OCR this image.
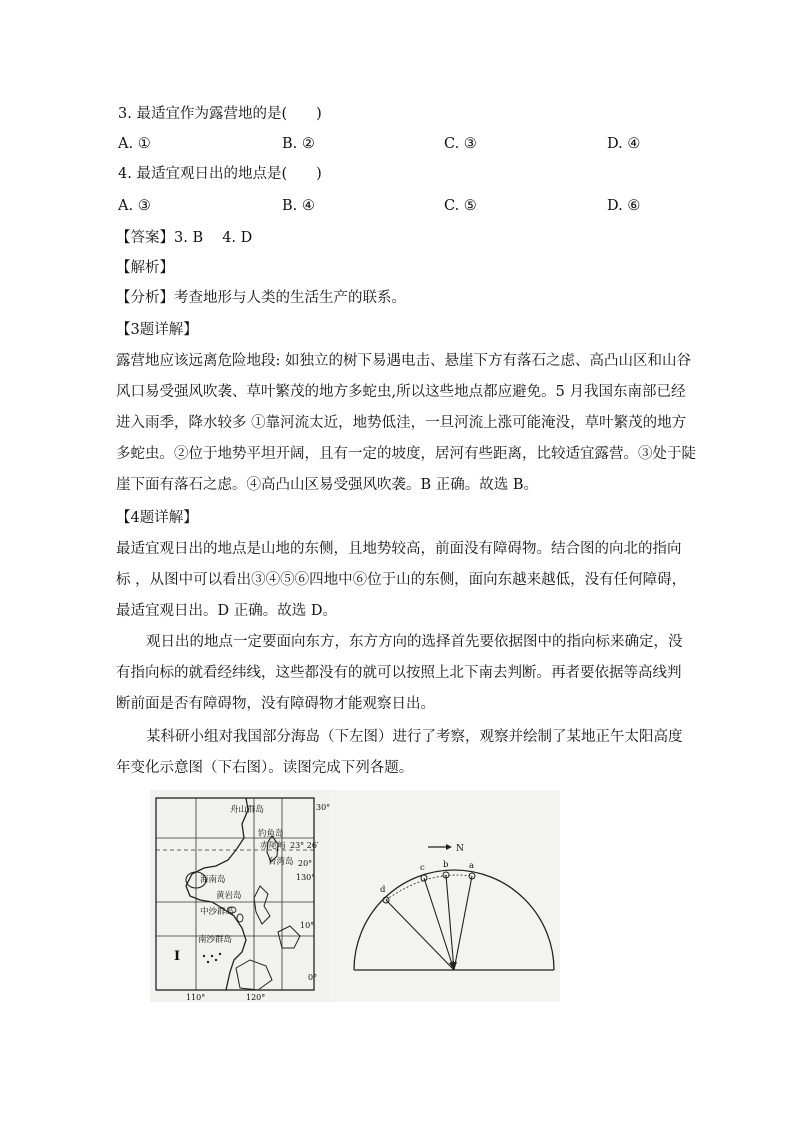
3. 最适宜作为露营地的是(　　)
A. ①	B. ②	C. ③	D. ④
4. 最适宜观日出的地点是(　　)
A. ③	B. ④	C. ⑤	D. ⑥
【答案】3. B　 4. D
【解析】
【分析】考查地形与人类的生活生产的联系。
【3题详解】
露营地应该远离危险地段: 如独立的树下易遇电击、悬崖下方有落石之虑、高凸山区和山谷
风口易受强风吹袭、草叶繁茂的地方多蛇虫,所以这些地点都应避免。5 月我国东南部已经
进入雨季，降水较多 ①靠河流太近，地势低洼，一旦河流上涨可能淹没，草叶繁茂的地方
多蛇虫。②位于地势平坦开阔，且有一定的坡度，居河有些距离，比较适宜露营。③处于陡
崖下面有落石之虑。④高凸山区易受强风吹袭。B 正确。故选 B。
【4题详解】
最适宜观日出的地点是山地的东侧，且地势较高，前面没有障碍物。结合图的向北的指向
标 ，从图中可以看出③④⑤⑥四地中⑥位于山的东侧，面向东越来越低，没有任何障碍，
最适宜观日出。D 正确。故选 D。
观日出的地点一定要面向东方，东方方向的选择首先要依据图中的指向标来确定，没
有指向标的就看经纬线，这些都没有的就可以按照上北下南去判断。再者要依据等高线判
断前面是否有障碍物，没有障碍物才能观察日出。
某科研小组对我国部分海岛（下左图）进行了考察，观察并绘制了某地正午太阳高度
年变化示意图（下右图）。读图完成下列各题。
舟山群岛
钓鱼岛
赤尾屿
台湾岛
海南岛
黄岩岛
中沙群岛
南沙群岛
30°
23° 26′
20°
130°
10°
0°
110°	120°
I
N
d
c b a
